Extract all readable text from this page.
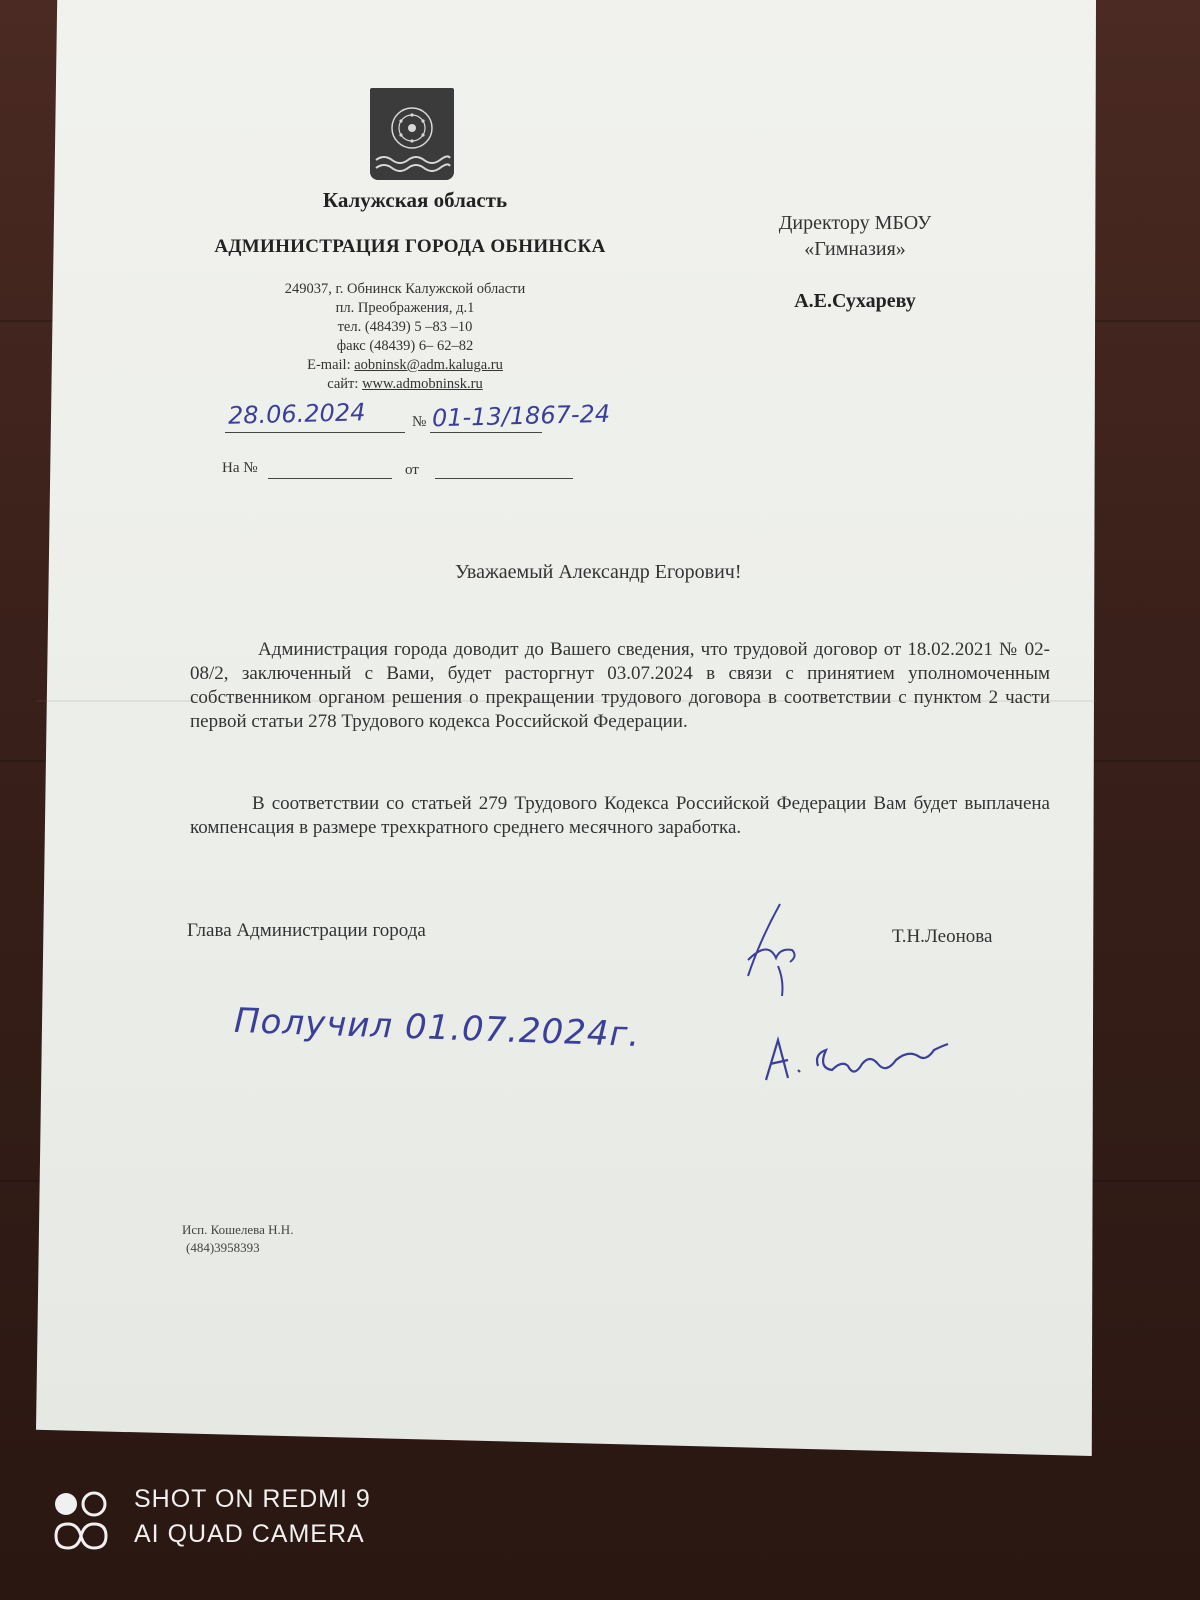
Калужская область
АДМИНИСТРАЦИЯ ГОРОДА ОБНИНСКА
249037, г. Обнинск Калужской области
пл. Преображения, д.1
тел. (48439) 5 –83 –10
факс (48439) 6– 62–82
E-mail: aobninsk@adm.kaluga.ru
сайт: www.admobninsk.ru
28.06.2024	№ 01-13/1867-24
На №	от
Директору МБОУ
«Гимназия»
А.Е.Сухареву
Уважаемый Александр Егорович!
Администрация города доводит до Вашего сведения, что трудовой договор от 18.02.2021 № 02-08/2, заключенный с Вами, будет расторгнут 03.07.2024 в связи с принятием уполномоченным собственником органом решения о прекращении трудового договора в соответствии с пунктом 2 части первой статьи 278 Трудового кодекса Российской Федерации.
В соответствии со статьей 279 Трудового Кодекса Российской Федерации Вам будет выплачена компенсация в размере трехкратного среднего месячного заработка.
Глава Администрации города	Т.Н.Леонова
Получил 01.07.2024г.
Исп. Кошелева Н.Н.
(484)3958393
SHOT ON REDMI 9
AI QUAD CAMERA
